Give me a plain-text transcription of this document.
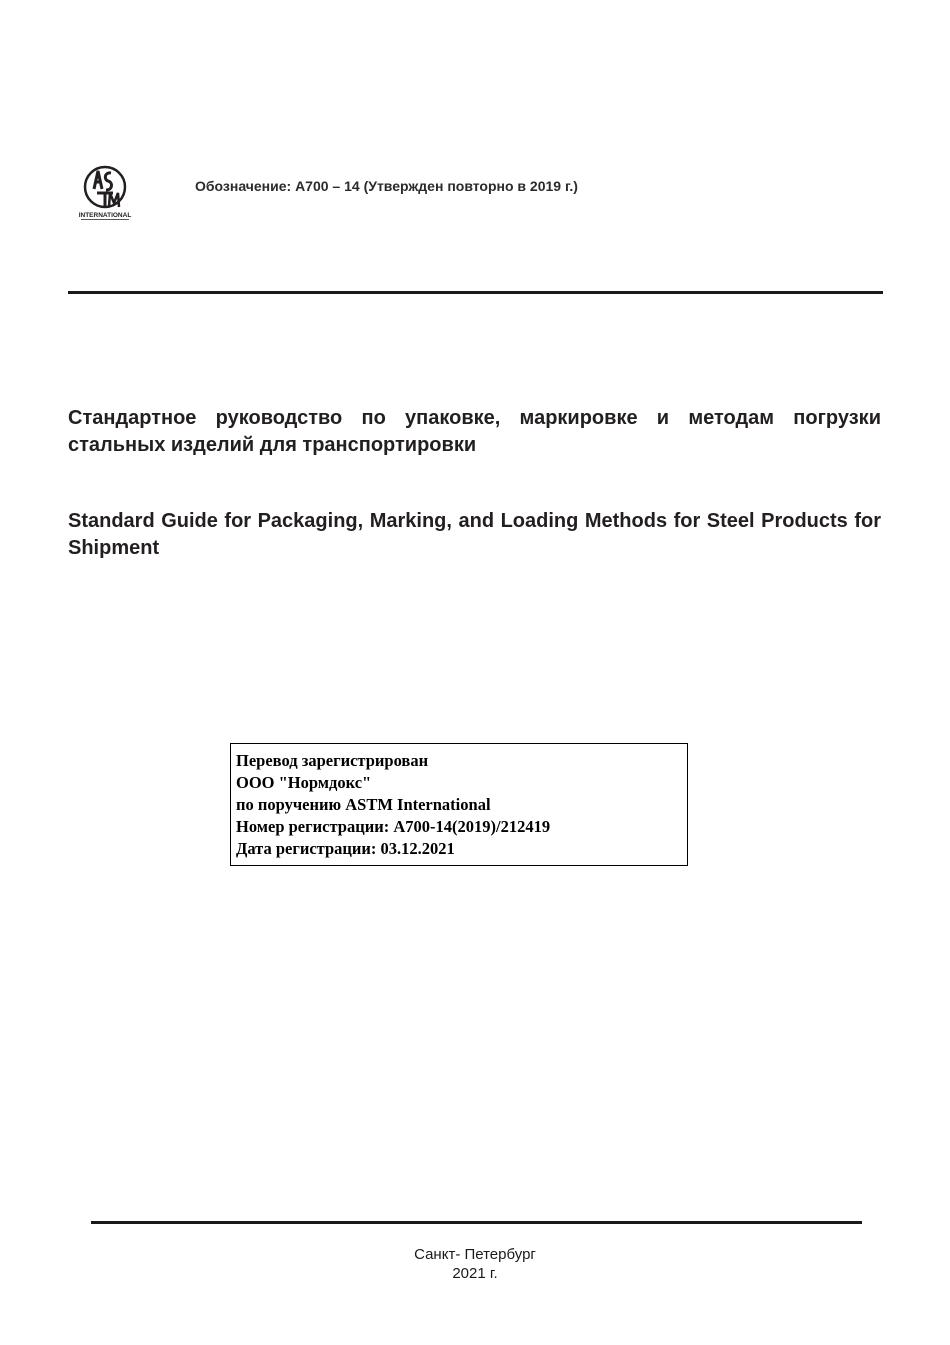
INTERNATIONAL
Обозначение: A700 – 14 (Утвержден повторно в 2019 г.)
Стандартное руководство по упаковке, маркировке и методам погрузки стальных изделий для транспортировки
Standard Guide for Packaging, Marking, and Loading Methods for Steel Products for Shipment
Перевод зарегистрирован
ООО "Нормдокс"
по поручению ASTM International
Номер регистрации: A700-14(2019)/212419
Дата регистрации: 03.12.2021
Санкт- Петербург
2021 г.
